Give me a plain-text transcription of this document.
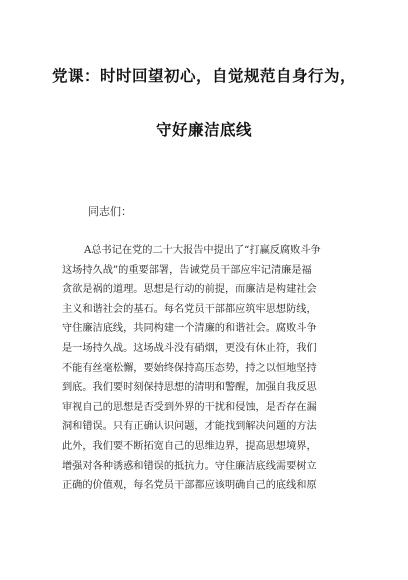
党课：时时回望初心，自觉规范自身行为，
守好廉洁底线
同志们：
A总书记在党的二十大报告中提出了“打赢反腐败斗争
这场持久战”的重要部署，告诫党员干部应牢记清廉是福
贪欲是祸的道理。思想是行动的前提，而廉洁是构建社会
主义和谐社会的基石。每名党员干部都应筑牢思想防线，
守住廉洁底线，共同构建一个清廉的和谐社会。腐败斗争
是一场持久战。这场战斗没有硝烟，更没有休止符，我们
不能有丝毫松懈，要始终保持高压态势，持之以恒地坚持
到底。我们要时刻保持思想的清明和警醒，加强自我反思
审视自己的思想是否受到外界的干扰和侵蚀，是否存在漏
洞和错误。只有正确认识问题，才能找到解决问题的方法
此外，我们要不断拓宽自己的思维边界，提高思想境界，
增强对各种诱惑和错误的抵抗力。守住廉洁底线需要树立
正确的价值观，每名党员干部都应该明确自己的底线和原
